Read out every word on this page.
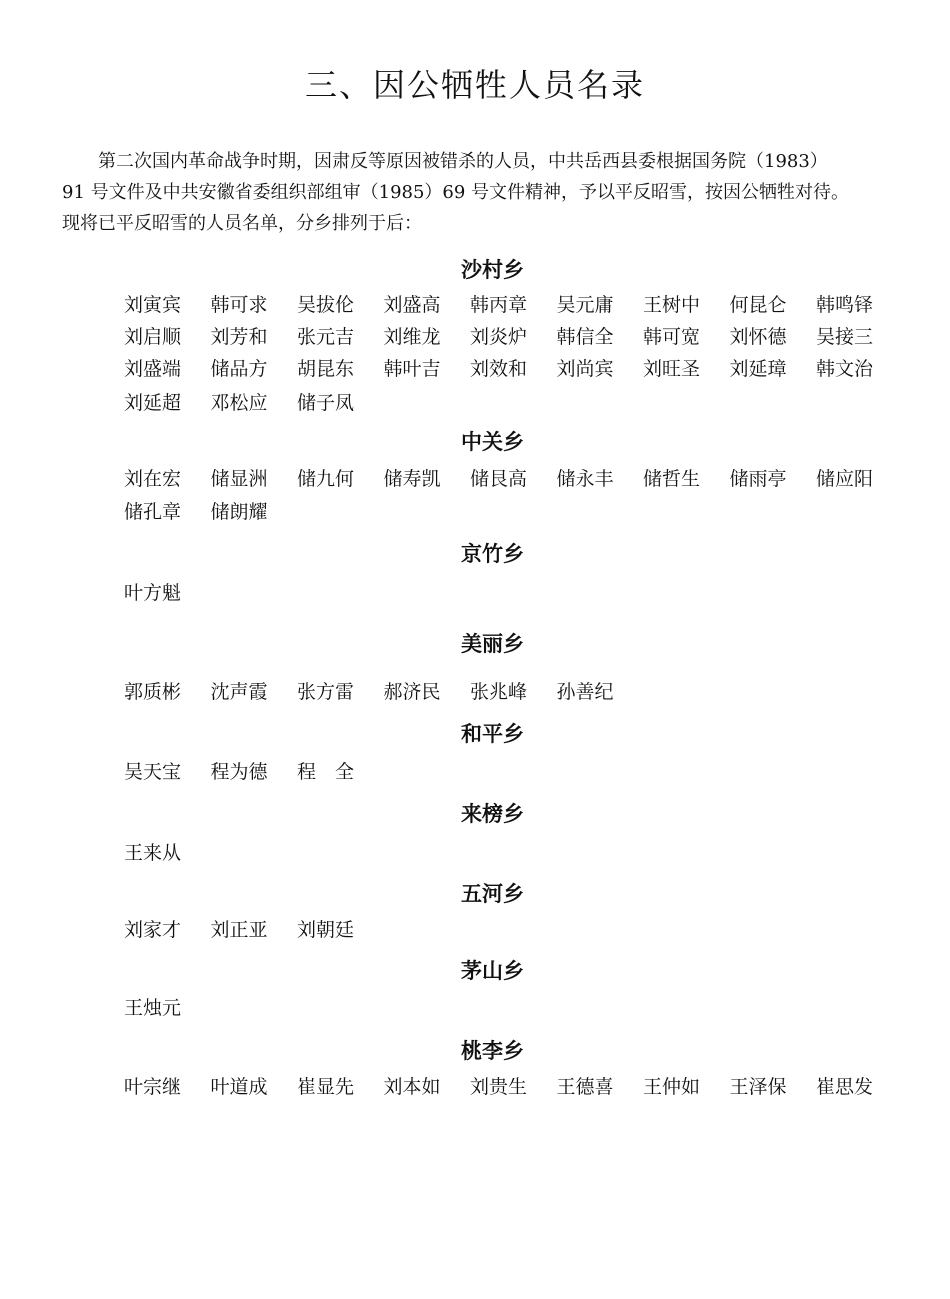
三、因公牺牲人员名录

第二次国内革命战争时期，因肃反等原因被错杀的人员，中共岳西县委根据国务院（1983）

91 号文件及中共安徽省委组织部组审（1985）69 号文件精神，予以平反昭雪，按因公牺牲对待。

现将已平反昭雪的人员名单，分乡排列于后：

沙村乡
刘寅宾 韩可求 吴拔伦 刘盛高 韩丙章 吴元庸 王树中 何昆仑 韩鸣铎
刘启顺 刘芳和 张元吉 刘维龙 刘炎炉 韩信全 韩可宽 刘怀德 吴接三
刘盛端 储品方 胡昆东 韩叶吉 刘效和 刘尚宾 刘旺圣 刘延璋 韩文治
刘延超 邓松应 储子凤
中关乡
刘在宏 储显洲 储九何 储寿凯 储艮高 储永丰 储哲生 储雨亭 储应阳
储孔章 储朗耀
京竹乡
叶方魁
美丽乡
郭质彬 沈声霞 张方雷 郝济民 张兆峰 孙善纪
和平乡
吴天宝 程为德 程　全
来榜乡
王来从
五河乡
刘家才 刘正亚 刘朝廷
茅山乡
王烛元
桃李乡
叶宗继 叶道成 崔显先 刘本如 刘贵生 王德喜 王仲如 王泽保 崔思发
